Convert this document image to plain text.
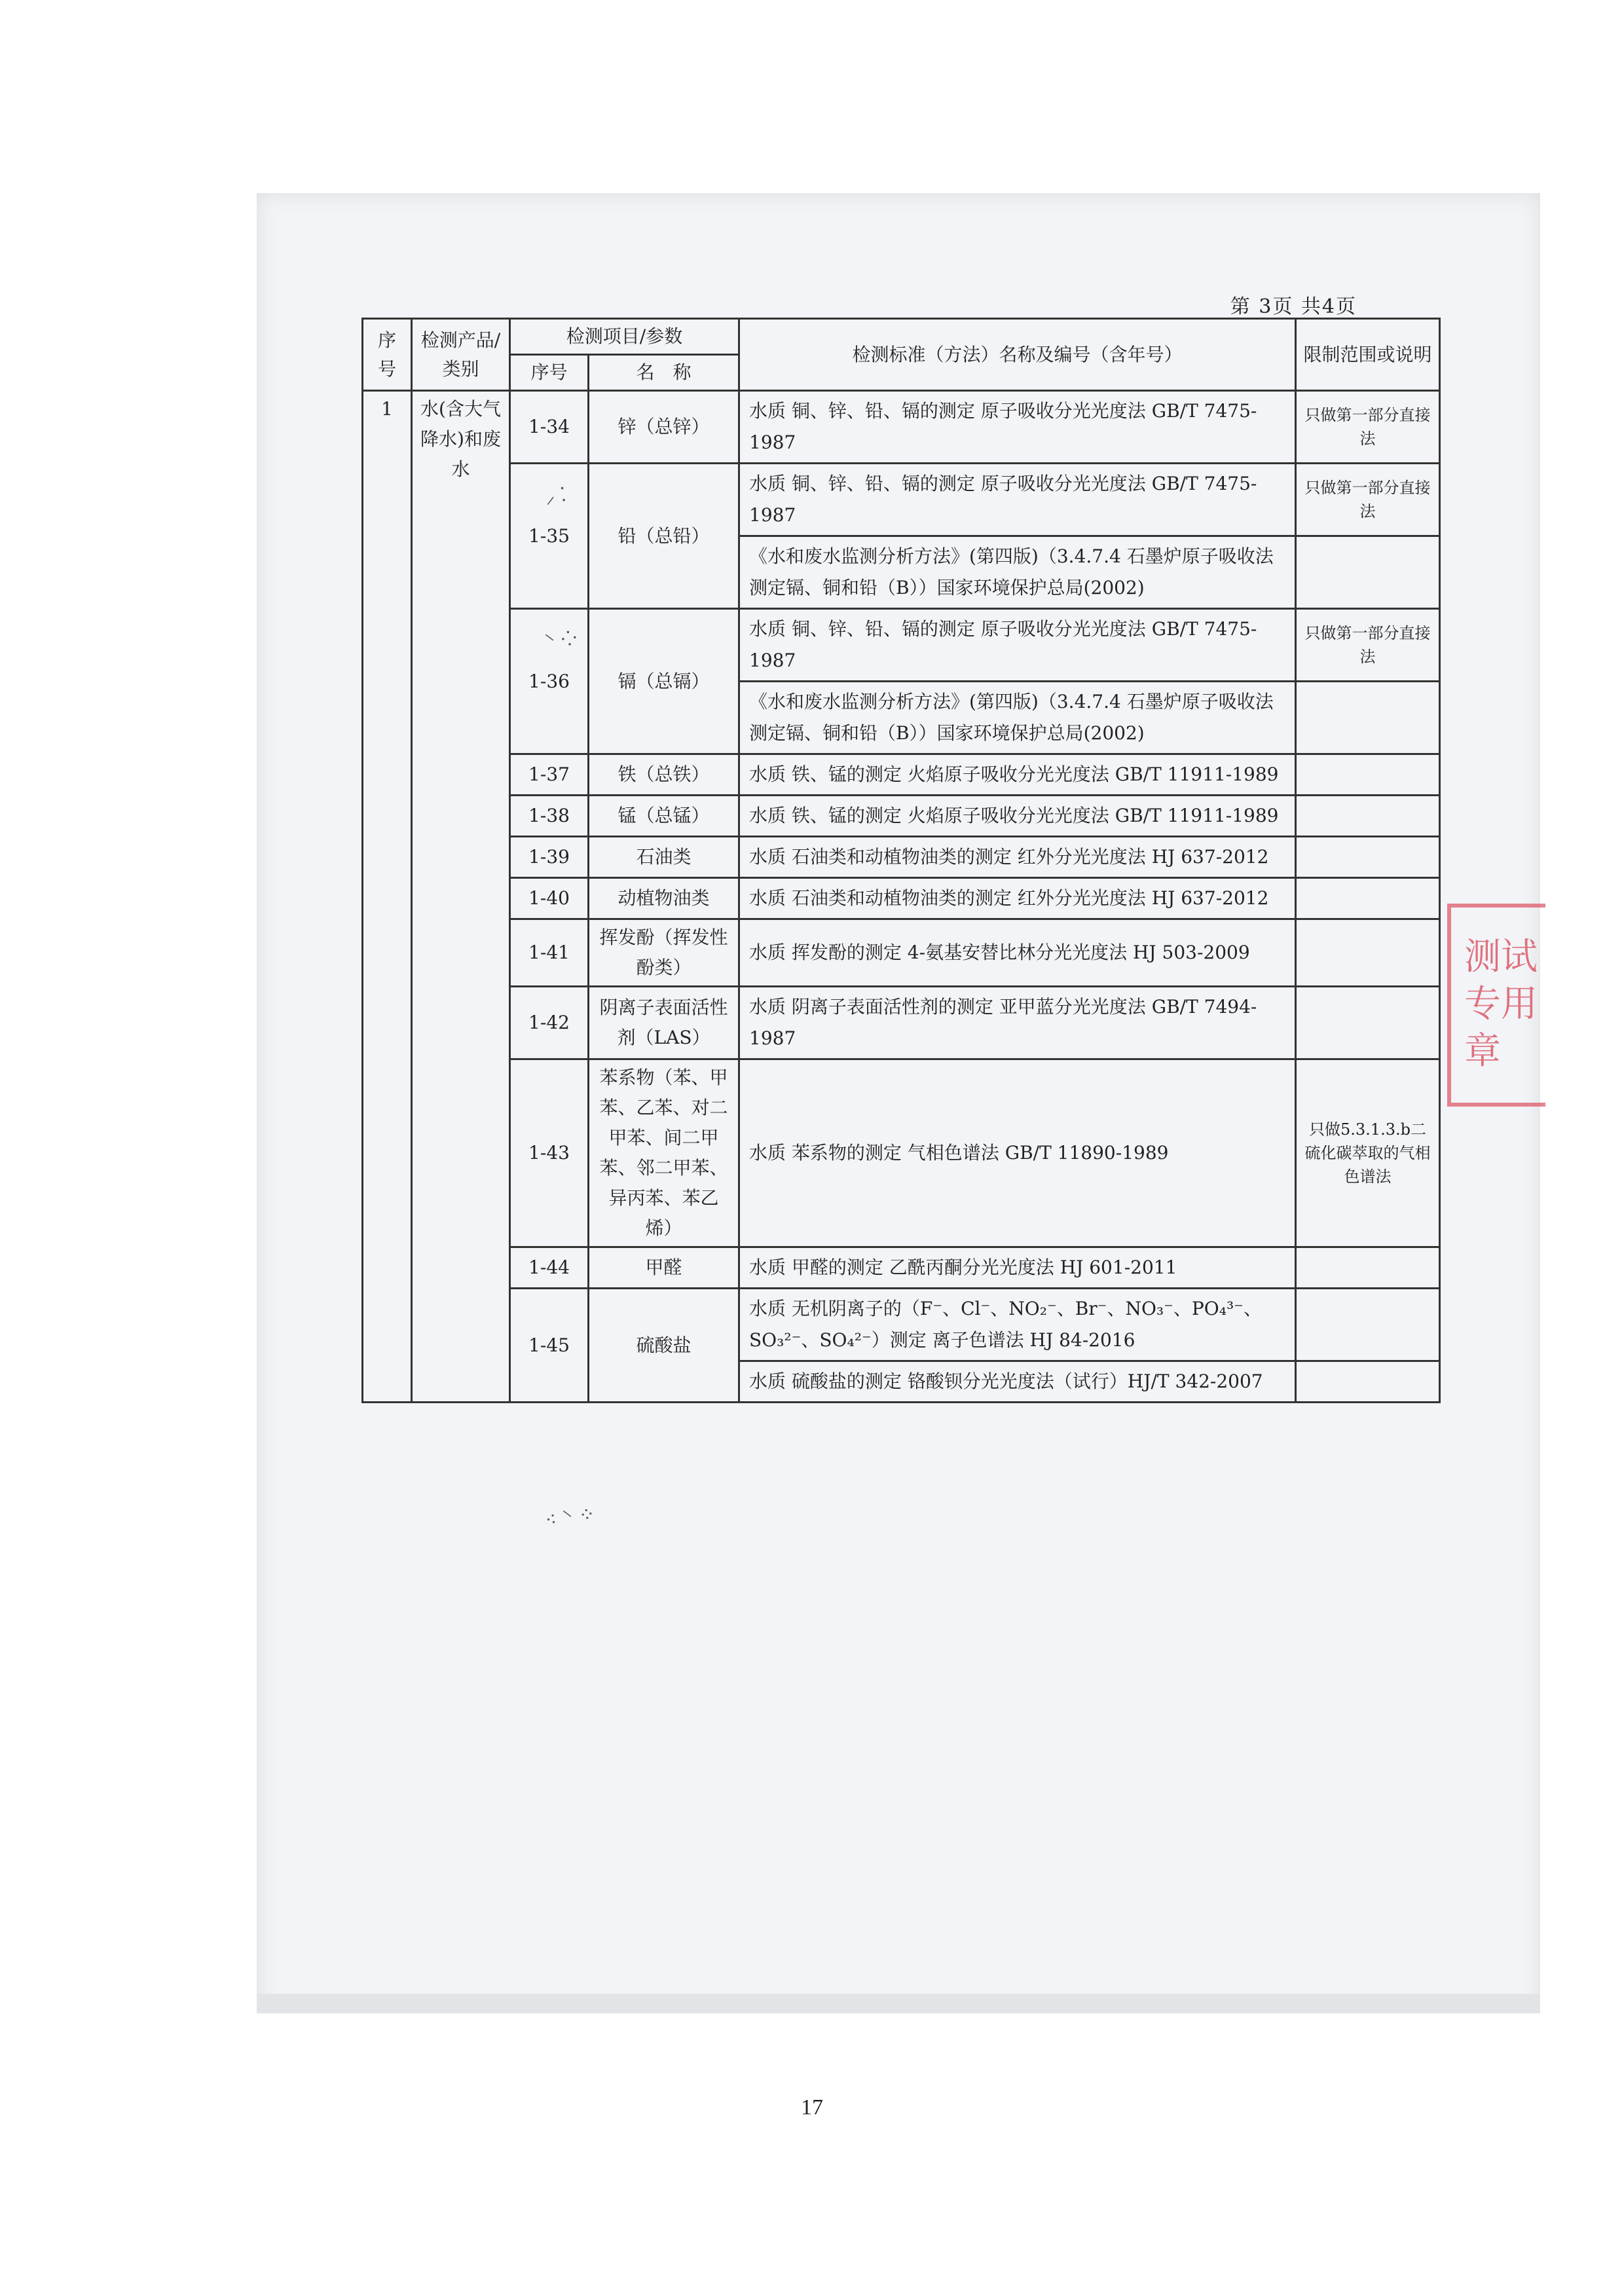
第 3页 共4页
⸝ ⁚
⸌ ⁘
⁖ ⸌ ⁘
序号	检测产品/类别	检测项目/参数		检测标准（方法）名称及编号（含年号）	限制范围或说明
		序号	名　称		
1	水(含大气降水)和废水	1-34	锌（总锌）	水质 铜、锌、铅、镉的测定 原子吸收分光光度法 GB/T 7475-1987	只做第一部分直接法
		1-35	铅（总铅）	水质 铜、锌、铅、镉的测定 原子吸收分光光度法 GB/T 7475-1987	只做第一部分直接法
				《水和废水监测分析方法》(第四版)（3.4.7.4 石墨炉原子吸收法测定镉、铜和铅（B））国家环境保护总局(2002)	
		1-36	镉（总镉）	水质 铜、锌、铅、镉的测定 原子吸收分光光度法 GB/T 7475-1987	只做第一部分直接法
				《水和废水监测分析方法》(第四版)（3.4.7.4 石墨炉原子吸收法测定镉、铜和铅（B））国家环境保护总局(2002)	
		1-37	铁（总铁）	水质 铁、锰的测定 火焰原子吸收分光光度法 GB/T 11911-1989	
		1-38	锰（总锰）	水质 铁、锰的测定 火焰原子吸收分光光度法 GB/T 11911-1989	
		1-39	石油类	水质 石油类和动植物油类的测定 红外分光光度法 HJ 637-2012	
		1-40	动植物油类	水质 石油类和动植物油类的测定 红外分光光度法 HJ 637-2012	
		1-41	挥发酚（挥发性酚类）	水质 挥发酚的测定 4-氨基安替比林分光光度法 HJ 503-2009	
		1-42	阴离子表面活性剂（LAS）	水质 阴离子表面活性剂的测定 亚甲蓝分光光度法 GB/T 7494-1987	
		1-43	苯系物（苯、甲苯、乙苯、对二甲苯、间二甲苯、邻二甲苯、异丙苯、苯乙烯）	水质 苯系物的测定 气相色谱法 GB/T 11890-1989	只做5.3.1.3.b二硫化碳萃取的气相色谱法
		1-44	甲醛	水质 甲醛的测定 乙酰丙酮分光光度法 HJ 601-2011	
		1-45	硫酸盐	水质 无机阴离子的（F⁻、Cl⁻、NO₂⁻、Br⁻、NO₃⁻、PO₄³⁻、SO₃²⁻、SO₄²⁻）测定 离子色谱法 HJ 84-2016	
				水质 硫酸盐的测定 铬酸钡分光光度法（试行）HJ/T 342-2007	
测试专用章
17
